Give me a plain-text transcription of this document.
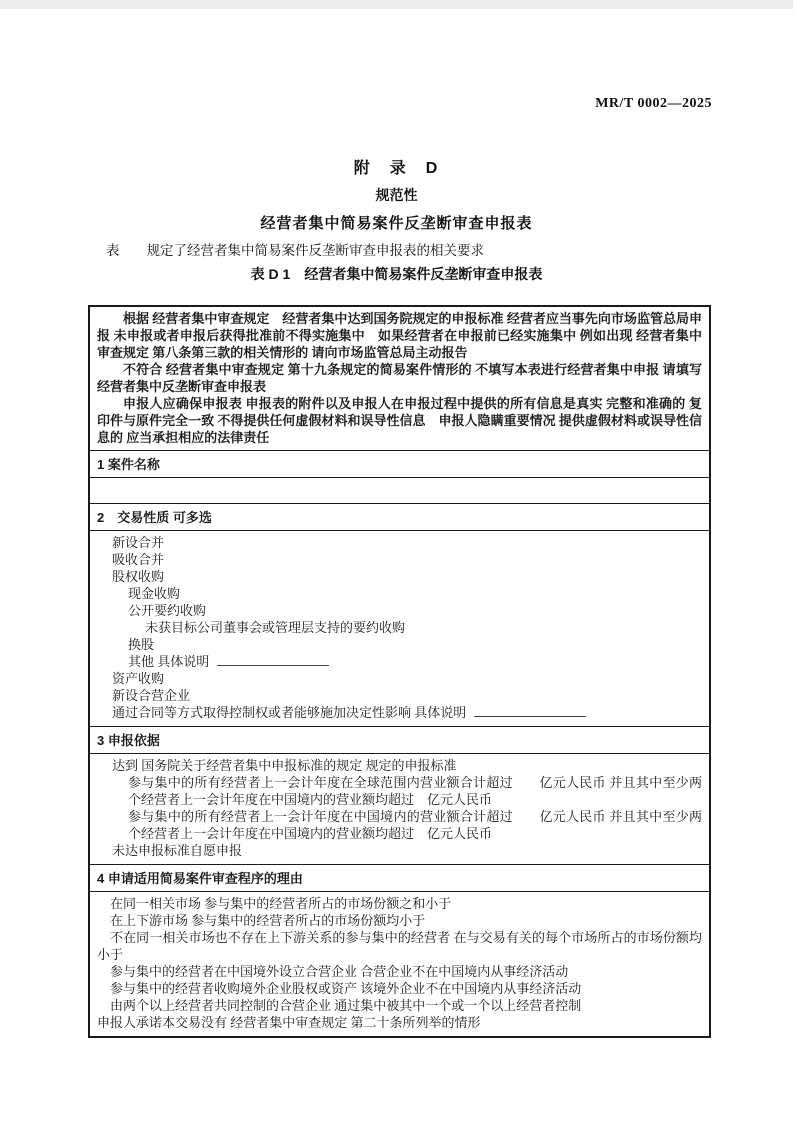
MR/T 0002—2025
附　录　D
规范性
经营者集中简易案件反垄断审查申报表
表　　规定了经营者集中简易案件反垄断审查申报表的相关要求
表 D 1　经营者集中简易案件反垄断审查申报表

根据 经营者集中审查规定　经营者集中达到国务院规定的申报标准 经营者应当事先向市场监管总局申报 未申报或者申报后获得批准前不得实施集中　如果经营者在申报前已经实施集中 例如出现 经营者集中审查规定 第八条第三款的相关情形的 请向市场监管总局主动报告

不符合 经营者集中审查规定 第十九条规定的简易案件情形的 不填写本表进行经营者集中申报 请填写经营者集中反垄断审查申报表

申报人应确保申报表 申报表的附件以及申报人在申报过程中提供的所有信息是真实 完整和准确的 复印件与原件完全一致 不得提供任何虚假材料和误导性信息　申报人隐瞒重要情况 提供虚假材料或误导性信息的 应当承担相应的法律责任

1 案件名称
2　交易性质 可多选
新设合并
吸收合并
股权收购
现金收购
公开要约收购
未获目标公司董事会或管理层支持的要约收购
换股
其他 具体说明
资产收购
新设合营企业
通过合同等方式取得控制权或者能够施加决定性影响 具体说明
3 申报依据
达到 国务院关于经营者集中申报标准的规定 规定的申报标准
参与集中的所有经营者上一会计年度在全球范围内营业额合计超过　　亿元人民币 并且其中至少两个经营者上一会计年度在中国境内的营业额均超过　亿元人民币
参与集中的所有经营者上一会计年度在中国境内的营业额合计超过　　亿元人民币 并且其中至少两个经营者上一会计年度在中国境内的营业额均超过　亿元人民币
未达申报标准自愿申报
4 申请适用简易案件审查程序的理由
在同一相关市场 参与集中的经营者所占的市场份额之和小于
在上下游市场 参与集中的经营者所占的市场份额均小于
不在同一相关市场也不存在上下游关系的参与集中的经营者 在与交易有关的每个市场所占的市场份额均小于
参与集中的经营者在中国境外设立合营企业 合营企业不在中国境内从事经济活动
参与集中的经营者收购境外企业股权或资产 该境外企业不在中国境内从事经济活动
由两个以上经营者共同控制的合营企业 通过集中被其中一个或一个以上经营者控制
申报人承诺本交易没有 经营者集中审查规定 第二十条所列举的情形
